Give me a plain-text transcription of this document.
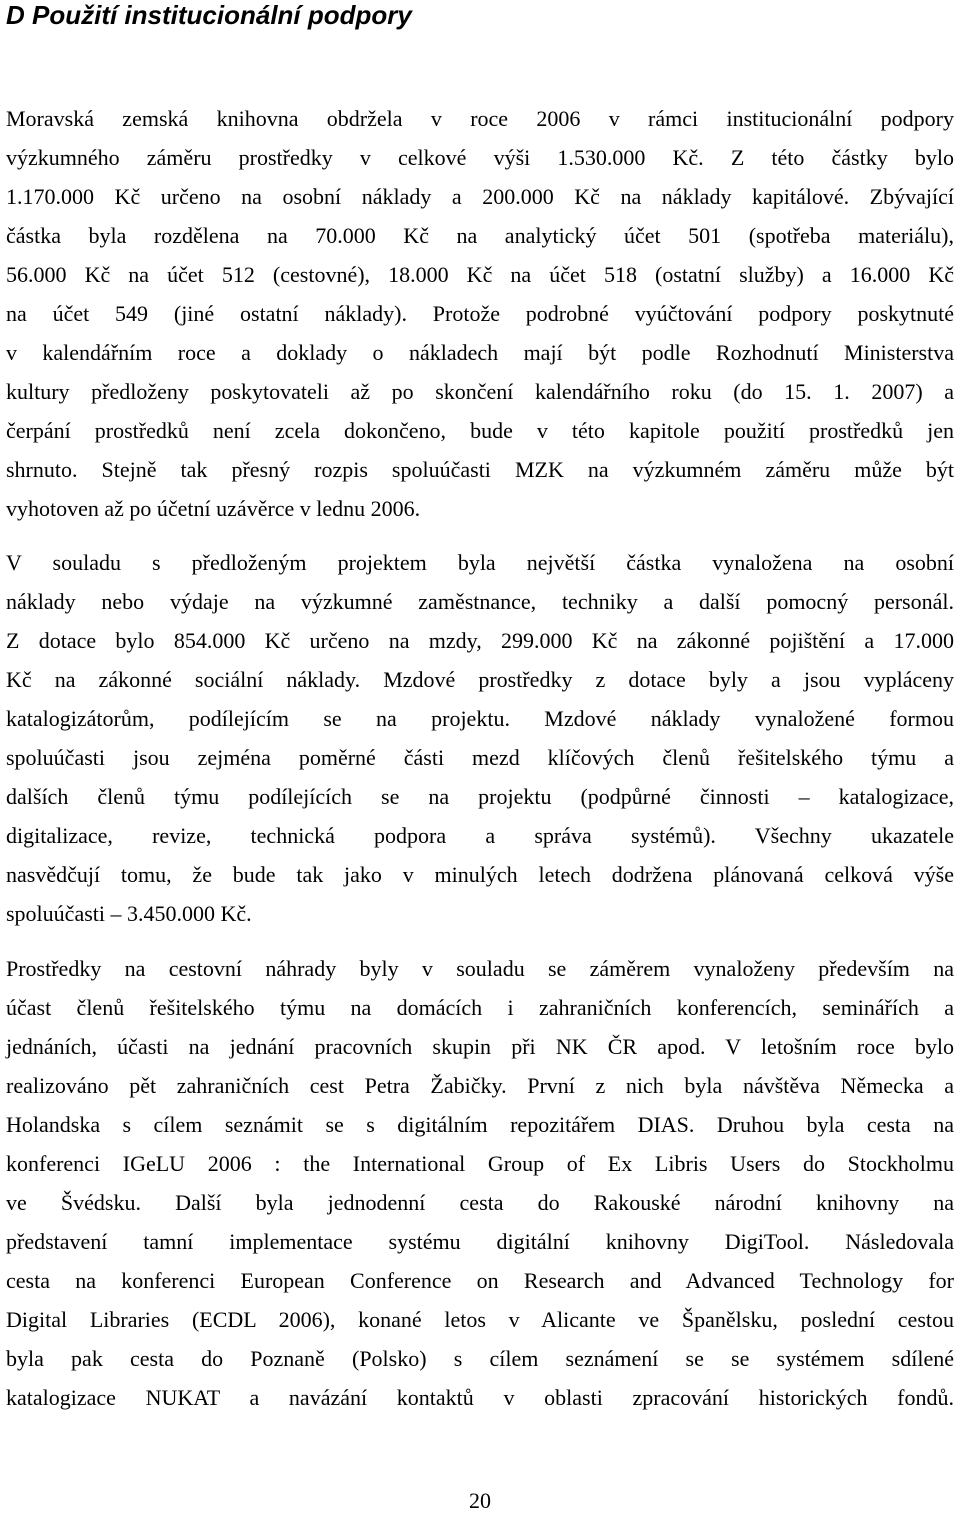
D Použití institucionální podpory

Moravská zemská knihovna obdržela v roce 2006 v rámci institucionální podpory
výzkumného záměru prostředky v celkové výši 1.530.000 Kč. Z této částky bylo
1.170.000 Kč určeno na osobní náklady a 200.000 Kč na náklady kapitálové. Zbývající
částka byla rozdělena na 70.000 Kč na analytický účet 501 (spotřeba materiálu),
56.000 Kč na účet 512 (cestovné), 18.000 Kč na účet 518 (ostatní služby) a 16.000 Kč
na účet 549 (jiné ostatní náklady). Protože podrobné vyúčtování podpory poskytnuté
v kalendářním roce a doklady o nákladech mají být podle Rozhodnutí Ministerstva
kultury předloženy poskytovateli až po skončení kalendářního roku (do 15. 1. 2007) a
čerpání prostředků není zcela dokončeno, bude v této kapitole použití prostředků jen
shrnuto. Stejně tak přesný rozpis spoluúčasti MZK na výzkumném záměru může být
vyhotoven až po účetní uzávěrce v lednu 2006.

V souladu s předloženým projektem byla největší částka vynaložena na osobní
náklady nebo výdaje na výzkumné zaměstnance, techniky a další pomocný personál.
Z dotace bylo 854.000 Kč určeno na mzdy, 299.000 Kč na zákonné pojištění a 17.000
Kč na zákonné sociální náklady. Mzdové prostředky z dotace byly a jsou vypláceny
katalogizátorům, podílejícím se na projektu. Mzdové náklady vynaložené formou
spoluúčasti jsou zejména poměrné části mezd klíčových členů řešitelského týmu a
dalších členů týmu podílejících se na projektu (podpůrné činnosti – katalogizace,
digitalizace, revize, technická podpora a správa systémů). Všechny ukazatele
nasvědčují tomu, že bude tak jako v minulých letech dodržena plánovaná celková výše
spoluúčasti – 3.450.000 Kč.

Prostředky na cestovní náhrady byly v souladu se záměrem vynaloženy především na
účast členů řešitelského týmu na domácích i zahraničních konferencích, seminářích a
jednáních, účasti na jednání pracovních skupin při NK ČR apod. V letošním roce bylo
realizováno pět zahraničních cest Petra Žabičky. První z nich byla návštěva Německa a
Holandska s cílem seznámit se s digitálním repozitářem DIAS. Druhou byla cesta na
konferenci IGeLU 2006 : the International Group of Ex Libris Users do Stockholmu
ve Švédsku. Další byla jednodenní cesta do Rakouské národní knihovny na
představení tamní implementace systému digitální knihovny DigiTool. Následovala
cesta na konferenci European Conference on Research and Advanced Technology for
Digital Libraries (ECDL 2006), konané letos v Alicante ve Španělsku, poslední cestou
byla pak cesta do Poznaně (Polsko) s cílem seznámení se se systémem sdílené
katalogizace NUKAT a navázání kontaktů v oblasti zpracování historických fondů.

20
